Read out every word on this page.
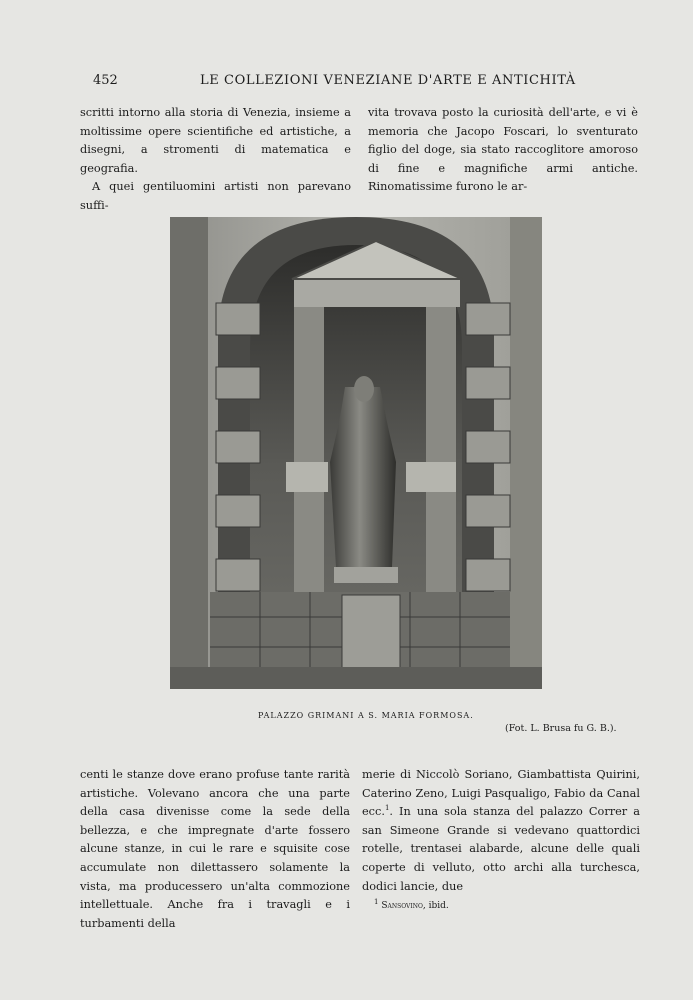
452	LE COLLEZIONI VENEZIANE D'ARTE E ANTICHITÀ

scritti intorno alla storia di Venezia, insieme a moltissime opere scientifiche ed artistiche, a disegni, a stromenti di matematica e geografia.

A quei gentiluomini artisti non parevano suffi-

vita trovava posto la curiosità dell'arte, e vi è memoria che Jacopo Foscari, lo sventurato figlio del doge, sia stato raccoglitore amoroso di fine e magnifiche armi antiche. Rinomatissime furono le ar-

PALAZZO GRIMANI A S. MARIA FORMOSA.
(Fot. L. Brusa fu G. B.).

centi le stanze dove erano profuse tante rarità artistiche. Volevano ancora che una parte della casa divenisse come la sede della bellezza, e che impregnate d'arte fossero alcune stanze, in cui le rare e squisite cose accumulate non dilettassero solamente la vista, ma producessero un'alta commozione intellettuale. Anche fra i travagli e i turbamenti della

merie di Niccolò Soriano, Giambattista Quirini, Caterino Zeno, Luigi Pasqualigo, Fabio da Canal ecc.$^1$. In una sola stanza del palazzo Correr a san Simeone Grande si vedevano quattordici rotelle, trentasei alabarde, alcune delle quali coperte di velluto, otto archi alla turchesca, dodici lancie, due

$^1$ Sansovino, ibid.
